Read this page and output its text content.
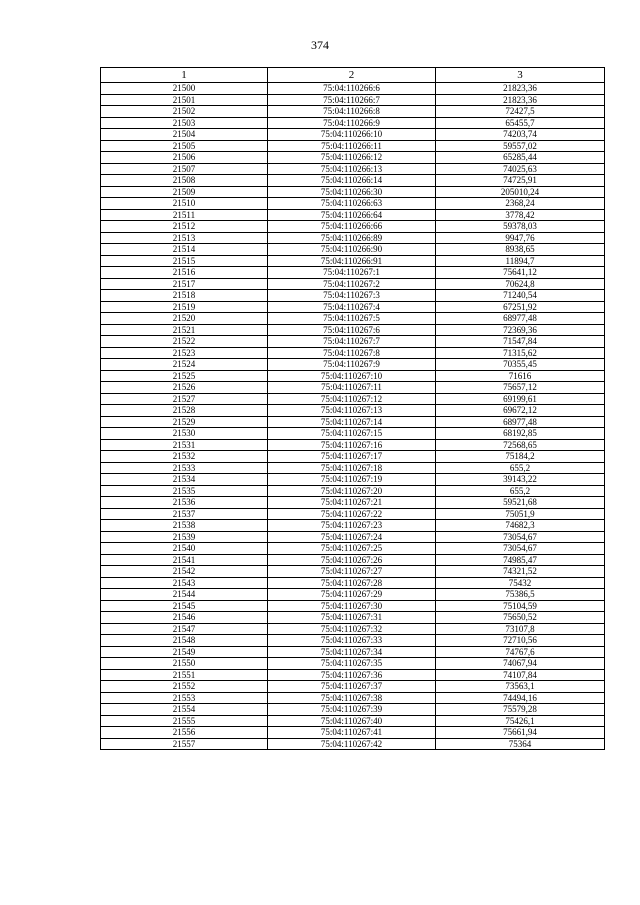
374
1	2	3
21500	75:04:110266:6	21823,36
21501	75:04:110266:7	21823,36
21502	75:04:110266:8	72427,5
21503	75:04:110266:9	65455,7
21504	75:04:110266:10	74203,74
21505	75:04:110266:11	59557,02
21506	75:04:110266:12	65285,44
21507	75:04:110266:13	74025,63
21508	75:04:110266:14	74725,91
21509	75:04:110266:30	205010,24
21510	75:04:110266:63	2368,24
21511	75:04:110266:64	3778,42
21512	75:04:110266:66	59378,03
21513	75:04:110266:89	9947,76
21514	75:04:110266:90	8938,65
21515	75:04:110266:91	11894,7
21516	75:04:110267:1	75641,12
21517	75:04:110267:2	70624,8
21518	75:04:110267:3	71240,54
21519	75:04:110267:4	67251,92
21520	75:04:110267:5	68977,48
21521	75:04:110267:6	72369,36
21522	75:04:110267:7	71547,84
21523	75:04:110267:8	71315,62
21524	75:04:110267:9	70355,45
21525	75:04:110267:10	71616
21526	75:04:110267:11	75657,12
21527	75:04:110267:12	69199,61
21528	75:04:110267:13	69672,12
21529	75:04:110267:14	68977,48
21530	75:04:110267:15	68192,85
21531	75:04:110267:16	72568,65
21532	75:04:110267:17	75184,2
21533	75:04:110267:18	655,2
21534	75:04:110267:19	39143,22
21535	75:04:110267:20	655,2
21536	75:04:110267:21	59521,68
21537	75:04:110267:22	75051,9
21538	75:04:110267:23	74682,3
21539	75:04:110267:24	73054,67
21540	75:04:110267:25	73054,67
21541	75:04:110267:26	74985,47
21542	75:04:110267:27	74321,52
21543	75:04:110267:28	75432
21544	75:04:110267:29	75386,5
21545	75:04:110267:30	75104,59
21546	75:04:110267:31	75650,52
21547	75:04:110267:32	73107,8
21548	75:04:110267:33	72710,56
21549	75:04:110267:34	74767,6
21550	75:04:110267:35	74067,94
21551	75:04:110267:36	74107,84
21552	75:04:110267:37	73563,1
21553	75:04:110267:38	74494,16
21554	75:04:110267:39	75579,28
21555	75:04:110267:40	75426,1
21556	75:04:110267:41	75661,94
21557	75:04:110267:42	75364
